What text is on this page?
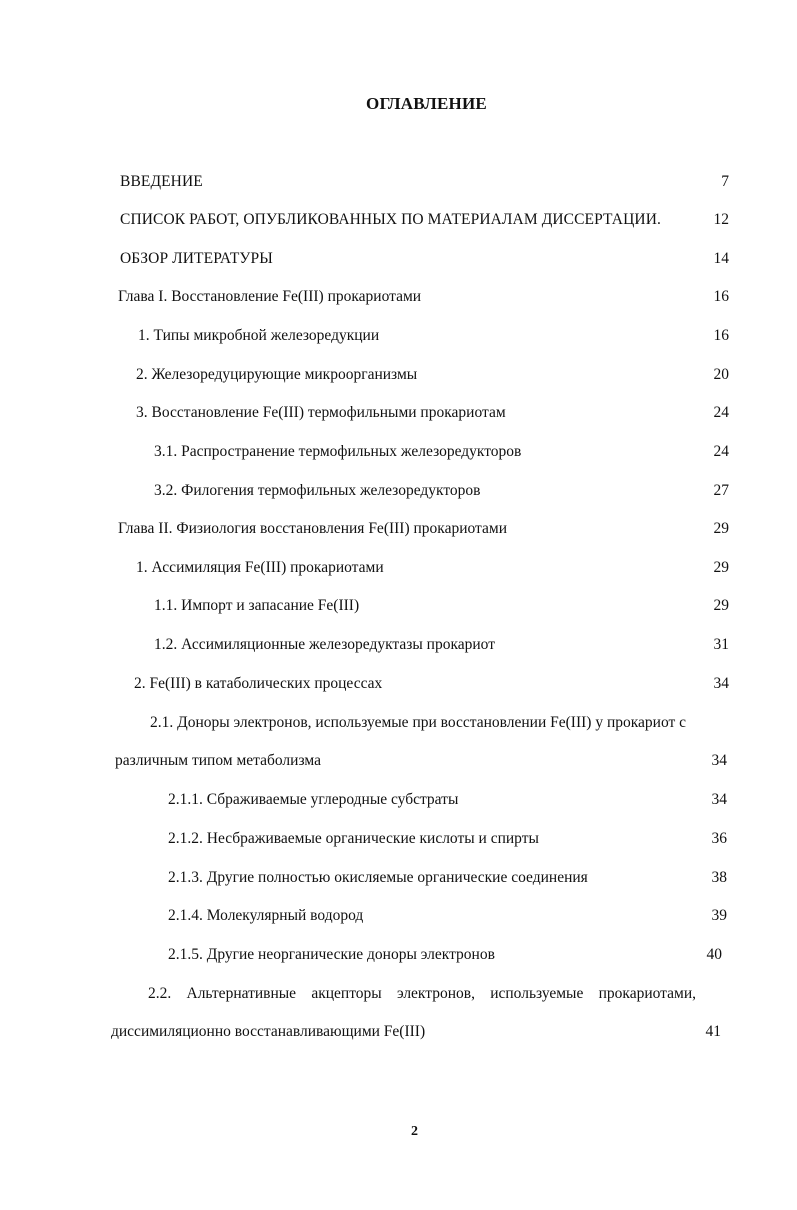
ОГЛАВЛЕНИЕ
ВВЕДЕНИЕ	7
СПИСОК РАБОТ, ОПУБЛИКОВАННЫХ ПО МАТЕРИАЛАМ ДИССЕРТАЦИИ.	12
ОБЗОР ЛИТЕРАТУРЫ	14
Глава I. Восстановление Fe(III) прокариотами	16
1. Типы микробной железоредукции	16
2. Железоредуцирующие микроорганизмы	20
3. Восстановление Fe(III) термофильными прокариотам	24
3.1. Распространение термофильных железоредукторов	24
3.2. Филогения термофильных железоредукторов	27
Глава II. Физиология восстановления Fe(III) прокариотами	29
1. Ассимиляция Fe(III) прокариотами	29
1.1. Импорт и запасание Fe(III)	29
1.2. Ассимиляционные железоредуктазы прокариот	31
2. Fe(III) в катаболических процессах	34
2.1. Доноры электронов, используемые при восстановлении Fe(III) у прокариот с
различным типом метаболизма	34
2.1.1. Сбраживаемые углеродные субстраты	34
2.1.2. Несбраживаемые органические кислоты и спирты	36
2.1.3. Другие полностью окисляемые органические соединения	38
2.1.4. Молекулярный водород	39
2.1.5. Другие неорганические доноры электронов	40
2.2. Альтернативные акцепторы электронов, используемые прокариотами,
диссимиляционно восстанавливающими Fe(III)	41
2
